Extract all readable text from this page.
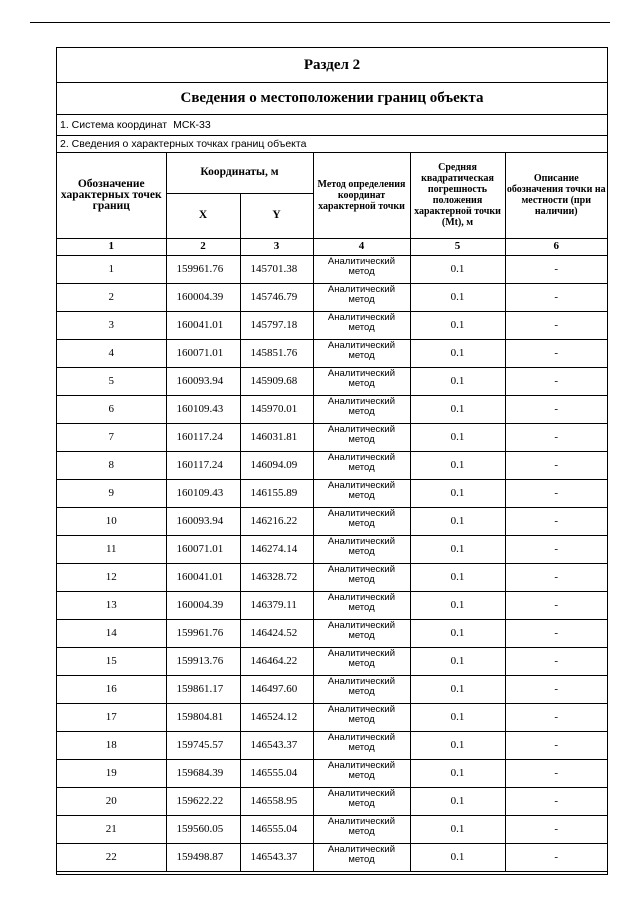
Раздел 2
Сведения о местоположении границ объекта
1. Система координат МСК-33
2. Сведения о характерных точках границ объекта
Обозначение характерных точек границ	Координаты, м		Метод определения координат характерной точки	Средняя квадратическая погрешность положения характерной точки (Mt), м	Описание обозначения точки на местности (при наличии)
	X	Y			
1	2	3	4	5	6
1	159961.76	145701.38	Аналитический метод	0.1	-
2	160004.39	145746.79	Аналитический метод	0.1	-
3	160041.01	145797.18	Аналитический метод	0.1	-
4	160071.01	145851.76	Аналитический метод	0.1	-
5	160093.94	145909.68	Аналитический метод	0.1	-
6	160109.43	145970.01	Аналитический метод	0.1	-
7	160117.24	146031.81	Аналитический метод	0.1	-
8	160117.24	146094.09	Аналитический метод	0.1	-
9	160109.43	146155.89	Аналитический метод	0.1	-
10	160093.94	146216.22	Аналитический метод	0.1	-
11	160071.01	146274.14	Аналитический метод	0.1	-
12	160041.01	146328.72	Аналитический метод	0.1	-
13	160004.39	146379.11	Аналитический метод	0.1	-
14	159961.76	146424.52	Аналитический метод	0.1	-
15	159913.76	146464.22	Аналитический метод	0.1	-
16	159861.17	146497.60	Аналитический метод	0.1	-
17	159804.81	146524.12	Аналитический метод	0.1	-
18	159745.57	146543.37	Аналитический метод	0.1	-
19	159684.39	146555.04	Аналитический метод	0.1	-
20	159622.22	146558.95	Аналитический метод	0.1	-
21	159560.05	146555.04	Аналитический метод	0.1	-
22	159498.87	146543.37	Аналитический метод	0.1	-
